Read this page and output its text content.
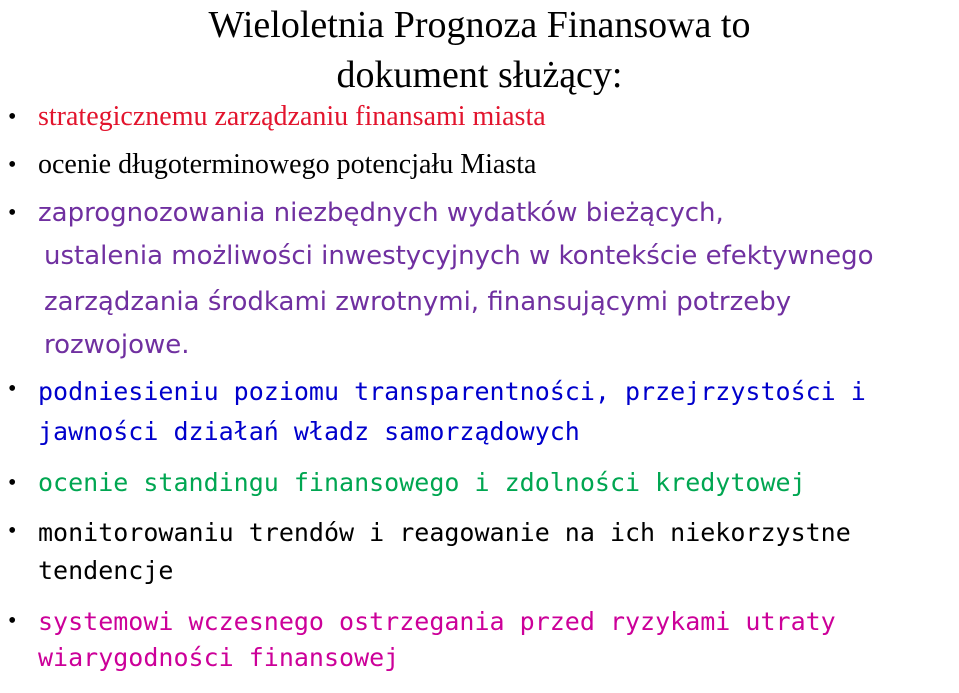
Wieloletnia Prognoza Finansowa to
dokument służący:
• strategicznemu zarządzaniu finansami miasta
• ocenie długoterminowego potencjału Miasta
• zaprognozowania niezbędnych wydatków bieżących,
ustalenia możliwości inwestycyjnych w kontekście efektywnego
zarządzania środkami zwrotnymi, finansującymi potrzeby
rozwojowe.
• podniesieniu poziomu transparentności, przejrzystości i jawności działań władz samorządowych
• ocenie standingu finansowego i zdolności kredytowej
• monitorowaniu trendów i reagowanie na ich niekorzystne tendencje
• systemowi wczesnego ostrzegania przed ryzykami utraty wiarygodności finansowej
